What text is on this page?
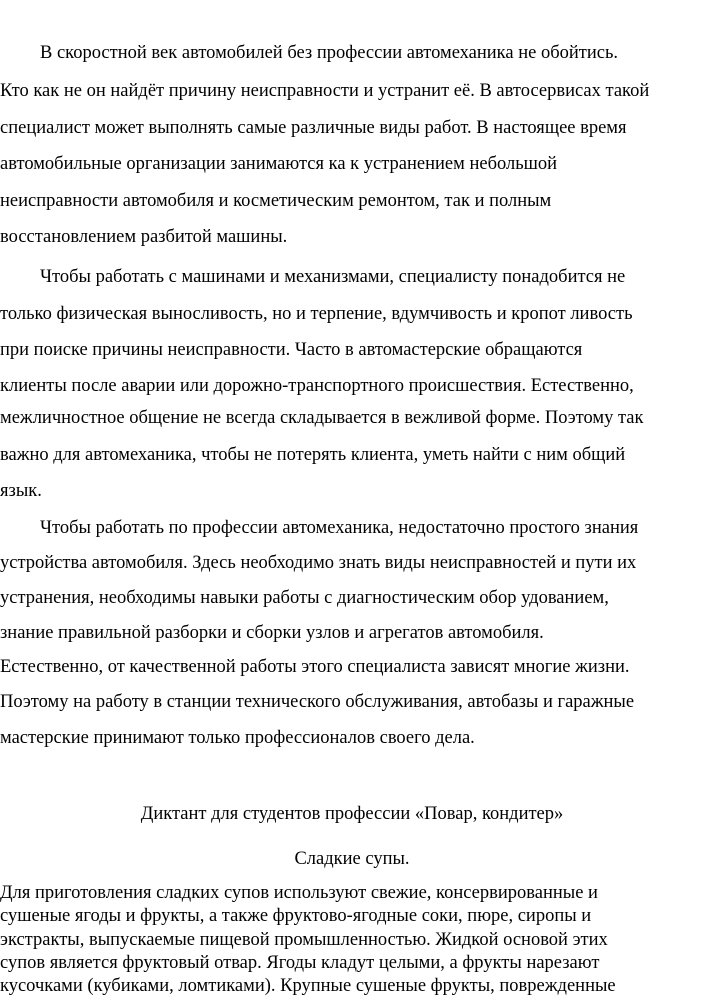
В скоростной век автомобилей без профессии автомеханика не обойтись.
Кто как не он найдёт причину неисправности и устранит её. В автосервисах такой
специалист может выполнять самые различные виды работ. В настоящее время
автомобильные организации занимаются ка к устранением небольшой
неисправности автомобиля и косметическим ремонтом, так и полным
восстановлением разбитой машины.
Чтобы работать с машинами и механизмами, специалисту понадобится не
только физическая выносливость, но и терпение, вдумчивость и кропот ливость
при поиске причины неисправности. Часто в автомастерские обращаются
клиенты после аварии или дорожно-транспортного происшествия. Естественно,
межличностное общение не всегда складывается в вежливой форме. Поэтому так
важно для автомеханика, чтобы не потерять клиента, уметь найти с ним общий
язык.
Чтобы работать по профессии автомеханика, недостаточно простого знания
устройства автомобиля. Здесь необходимо знать виды неисправностей и пути их
устранения, необходимы навыки работы с диагностическим обор удованием,
знание правильной разборки и сборки узлов и агрегатов автомобиля.
Естественно, от качественной работы этого специалиста зависят многие жизни.
Поэтому на работу в станции технического обслуживания, автобазы и гаражные
мастерские принимают только профессионалов своего дела.
Диктант для студентов профессии «Повар, кондитер»
Сладкие супы.
Для приготовления сладких супов используют свежие, консервированные и
сушеные ягоды и фрукты, а также фруктово-ягодные соки, пюре, сиропы и
экстракты, выпускаемые пищевой промышленностью. Жидкой основой этих
супов является фруктовый отвар. Ягоды кладут целыми, а фрукты нарезают
кусочками (кубиками, ломтиками). Крупные сушеные фрукты, поврежденные
